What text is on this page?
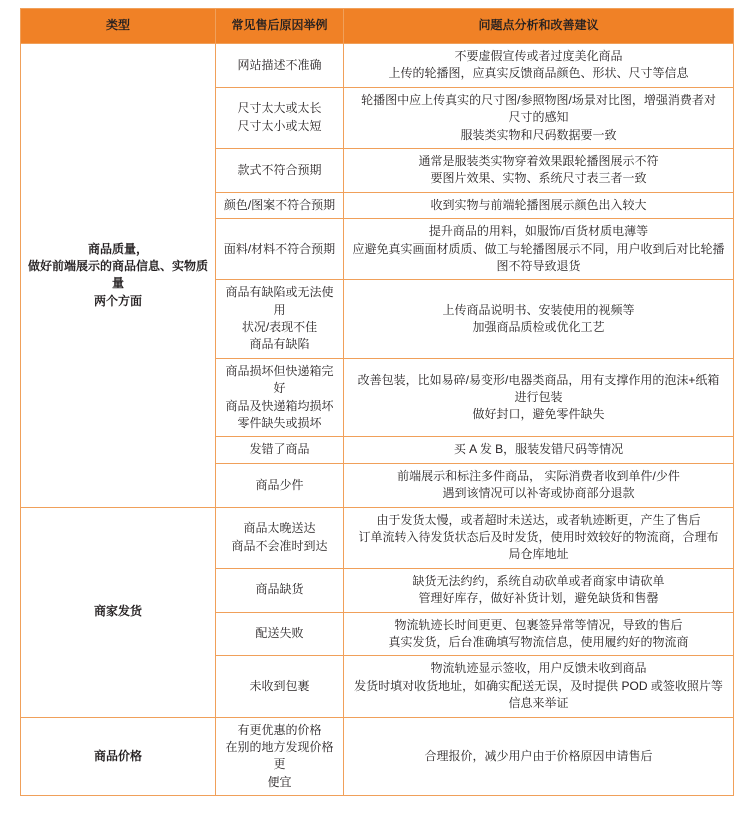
类型	常见售后原因举例	问题点分析和改善建议

商品质量，
做好前端展示的商品信息、实物质量
两个方面	网站描述不准确	不要虚假宣传或者过度美化商品
上传的轮播图，应真实反馈商品颜色、形状、尺寸等信息

	尺寸太大或太长
尺寸太小或太短	轮播图中应上传真实的尺寸图/参照物图/场景对比图，增强消费者对
尺寸的感知
服装类实物和尺码数据要一致

	款式不符合预期	通常是服装类实物穿着效果跟轮播图展示不符
要图片效果、实物、系统尺寸表三者一致

	颜色/图案不符合预期	收到实物与前端轮播图展示颜色出入较大

	面料/材料不符合预期	提升商品的用料，如服饰/百货材质电薄等
应避免真实画面材质质、做工与轮播图展示不同，用户收到后对比轮播
图不符导致退货

	商品有缺陷或无法使用
状况/表现不佳
商品有缺陷	上传商品说明书、安装使用的视频等
加强商品质检或优化工艺

	商品损坏但快递箱完好
商品及快递箱均损坏
零件缺失或损坏	改善包装，比如易碎/易变形/电器类商品，用有支撑作用的泡沫+纸箱
进行包装
做好封口，避免零件缺失

	发错了商品	买 A 发 B，服装发错尺码等情况

	商品少件	前端展示和标注多件商品， 实际消费者收到单件/少件
遇到该情况可以补寄或协商部分退款

商家发货	商品太晚送达
商品不会准时到达	由于发货太慢，或者超时未送达，或者轨迹断更，产生了售后
订单流转入待发货状态后及时发货，使用时效较好的物流商，合理布
局仓库地址

	商品缺货	缺货无法约约，系统自动砍单或者商家申请砍单
管理好库存，做好补货计划，避免缺货和售罄

	配送失败	物流轨迹长时间更更、包裹签异常等情况，导致的售后
真实发货，后台准确填写物流信息，使用履约好的物流商

	未收到包裹	物流轨迹显示签收，用户反馈未收到商品
发货时填对收货地址，如确实配送无误，及时提供 POD 或签收照片等
信息来举证

商品价格	有更优惠的价格
在别的地方发现价格更
便宜	合理报价，减少用户由于价格原因申请售后
